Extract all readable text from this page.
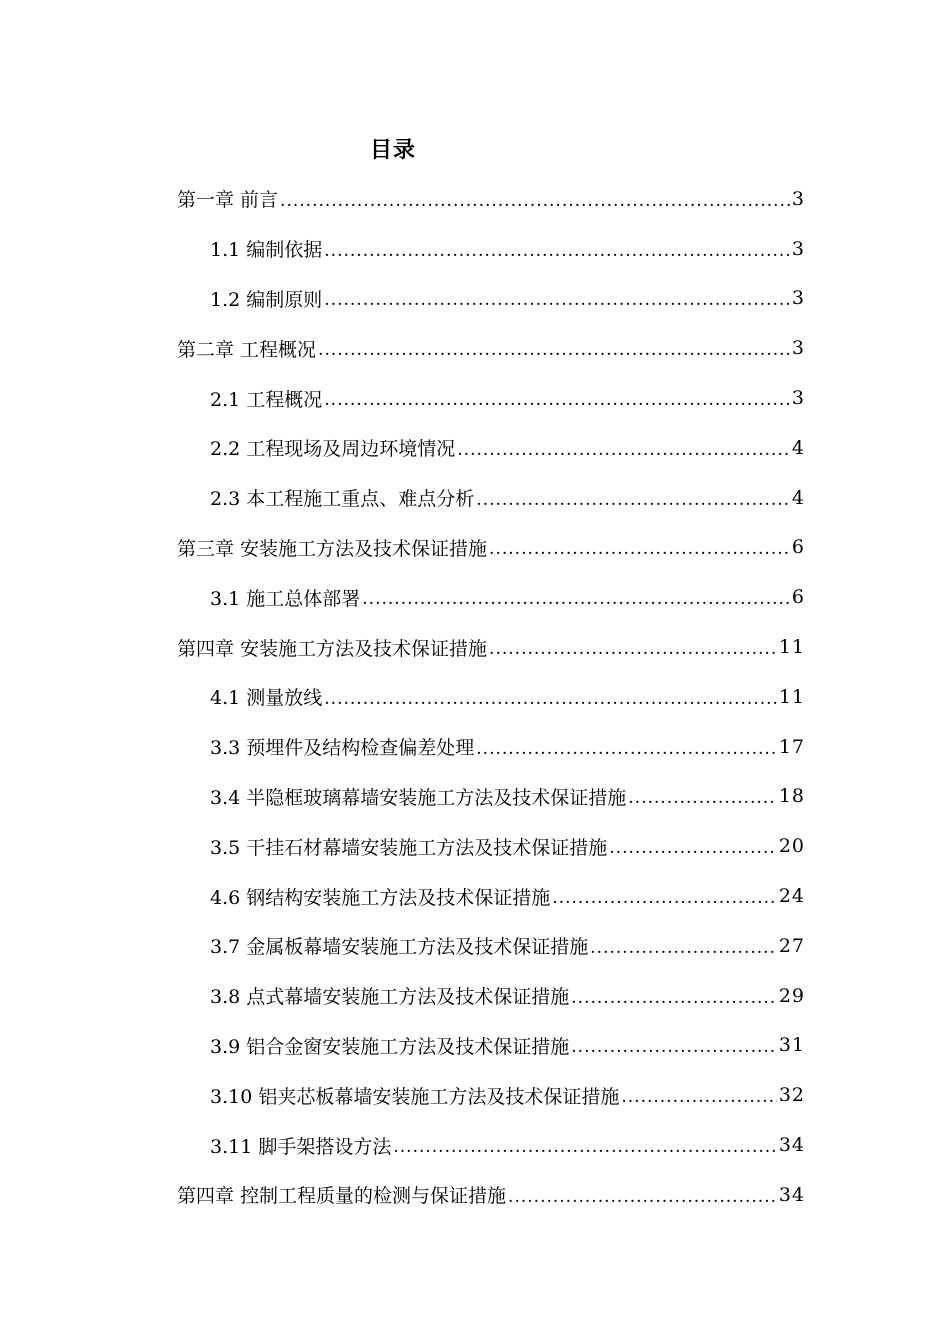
目录
第一章 前言 .....	3
1.1 编制依据 .....	3
1.2 编制原则 .....	3
第二章 工程概况 .....	3
2.1 工程概况 .....	3
2.2 工程现场及周边环境情况 .....	4
2.3 本工程施工重点、难点分析 .....	4
第三章 安装施工方法及技术保证措施 .....	6
3.1 施工总体部署 .....	6
第四章 安装施工方法及技术保证措施 .....	11
4.1 测量放线 .....	11
3.3 预埋件及结构检查偏差处理 .....	17
3.4 半隐框玻璃幕墙安装施工方法及技术保证措施 .....	18
3.5 干挂石材幕墙安装施工方法及技术保证措施 .....	20
4.6 钢结构安装施工方法及技术保证措施 .....	24
3.7 金属板幕墙安装施工方法及技术保证措施 .....	27
3.8 点式幕墙安装施工方法及技术保证措施 .....	29
3.9 铝合金窗安装施工方法及技术保证措施 .....	31
3.10 铝夹芯板幕墙安装施工方法及技术保证措施 .....	32
3.11 脚手架搭设方法 .....	34
第四章 控制工程质量的检测与保证措施 .....	34
